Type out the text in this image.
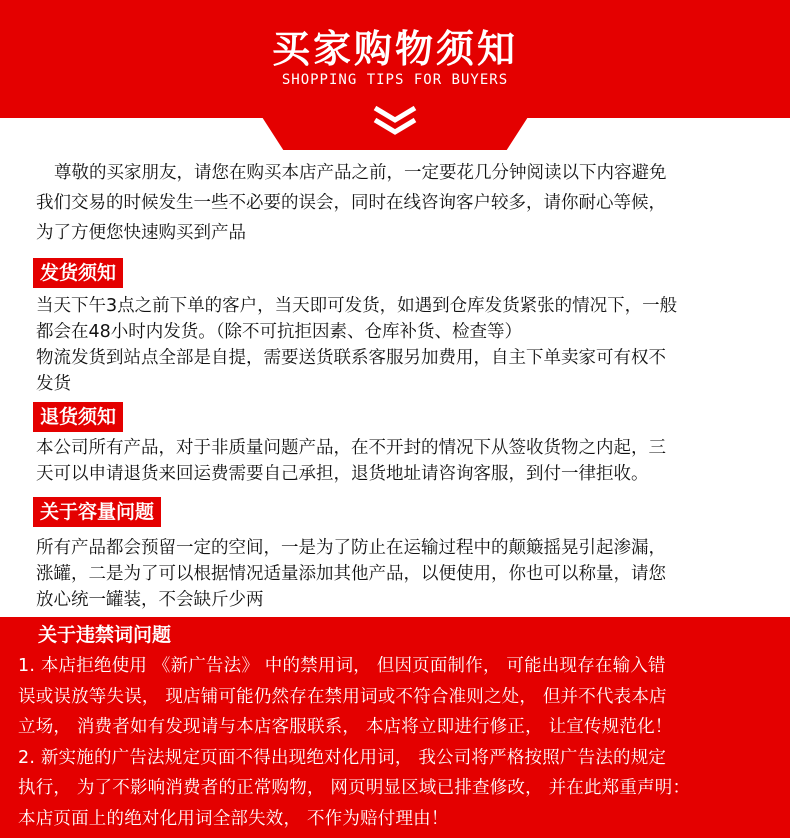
买家购物须知
SHOPPING TIPS FOR BUYERS
尊敬的买家朋友，请您在购买本店产品之前，一定要花几分钟阅读以下内容避免
我们交易的时候发生一些不必要的误会，同时在线咨询客户较多，请你耐心等候，
为了方便您快速购买到产品
发货须知
当天下午3点之前下单的客户，当天即可发货，如遇到仓库发货紧张的情况下，一般
都会在48小时内发货。（除不可抗拒因素、仓库补货、检查等）
物流发货到站点全部是自提，需要送货联系客服另加费用，自主下单卖家可有权不
发货
退货须知
本公司所有产品，对于非质量问题产品，在不开封的情况下从签收货物之内起，三
天可以申请退货来回运费需要自己承担，退货地址请咨询客服，到付一律拒收。
关于容量问题
所有产品都会预留一定的空间，一是为了防止在运输过程中的颠簸摇晃引起渗漏，
涨罐，二是为了可以根据情况适量添加其他产品，以便使用，你也可以称量，请您
放心统一罐装，不会缺斤少两
关于违禁词问题
1. 本店拒绝使用 《新广告法》 中的禁用词， 但因页面制作， 可能出现存在输入错
误或误放等失误， 现店铺可能仍然存在禁用词或不符合准则之处， 但并不代表本店
立场， 消费者如有发现请与本店客服联系， 本店将立即进行修正， 让宣传规范化！
2. 新实施的广告法规定页面不得出现绝对化用词， 我公司将严格按照广告法的规定
执行， 为了不影响消费者的正常购物， 网页明显区域已排查修改， 并在此郑重声明：
本店页面上的绝对化用词全部失效， 不作为赔付理由！
